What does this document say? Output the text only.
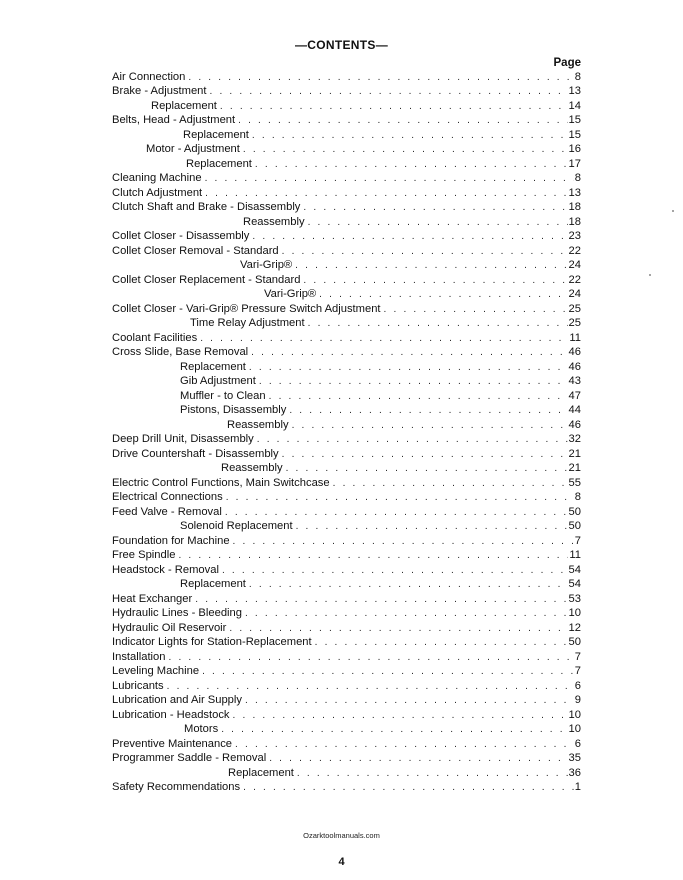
—CONTENTS—
Page
Air Connection . . .	8
Brake - Adjustment . . .	13
Replacement . . .	14
Belts, Head - Adjustment . . .	15
Replacement . . .	15
Motor - Adjustment . . .	16
Replacement . . .	17
Cleaning Machine . . .	8
Clutch Adjustment . . .	13
Clutch Shaft and Brake - Disassembly . . .	18
Reassembly . . .	18
Collet Closer - Disassembly . . .	23
Collet Closer Removal - Standard . . .	22
Vari-Grip® . . .	24
Collet Closer Replacement - Standard . . .	22
Vari-Grip® . . .	24
Collet Closer - Vari-Grip® Pressure Switch Adjustment . . .	25
Time Relay Adjustment . . .	25
Coolant Facilities . . .	11
Cross Slide, Base Removal . . .	46
Replacement . . .	46
Gib Adjustment . . .	43
Muffler - to Clean . . .	47
Pistons, Disassembly . . .	44
Reassembly . . .	46
Deep Drill Unit, Disassembly . . .	32
Drive Countershaft - Disassembly . . .	21
Reassembly . . .	21
Electric Control Functions, Main Switchcase . . .	55
Electrical Connections . . .	8
Feed Valve - Removal . . .	50
Solenoid Replacement . . .	50
Foundation for Machine . . .	7
Free Spindle . . .	11
Headstock - Removal . . .	54
Replacement . . .	54
Heat Exchanger . . .	53
Hydraulic Lines - Bleeding . . .	10
Hydraulic Oil Reservoir . . .	12
Indicator Lights for Station-Replacement . . .	50
Installation . . .	7
Leveling Machine . . .	7
Lubricants . . .	6
Lubrication and Air Supply . . .	9
Lubrication - Headstock . . .	10
Motors . . .	10
Preventive Maintenance . . .	6
Programmer Saddle - Removal . . .	35
Replacement . . .	36
Safety Recommendations . . .	1
Ozarktoolmanuals.com
4
